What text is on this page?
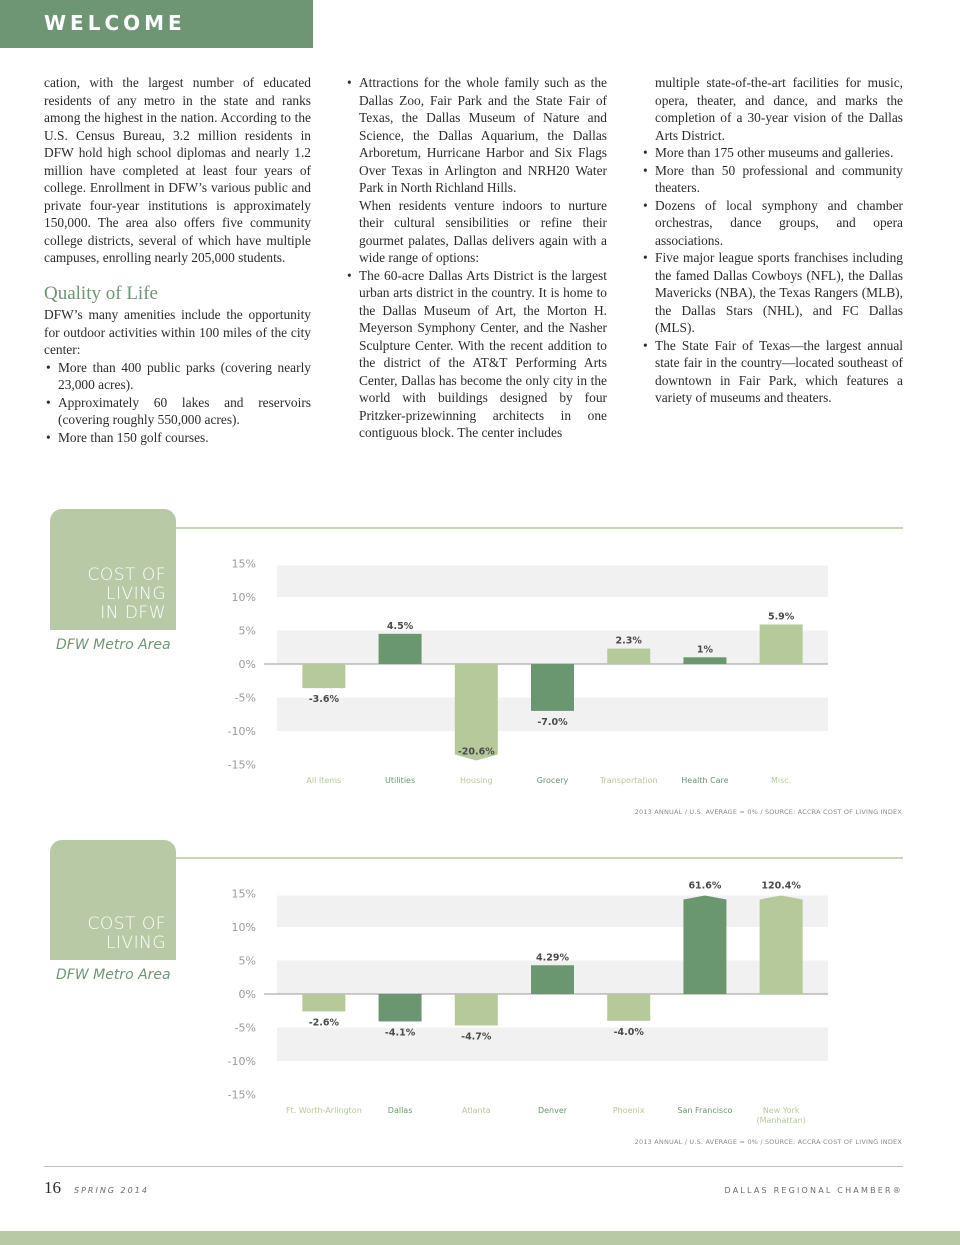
WELCOME

cation, with the largest number of educated residents of any metro in the state and ranks among the highest in the nation. According to the U.S. Census Bureau, 3.2 million residents in DFW hold high school diplomas and nearly 1.2 million have completed at least four years of college. Enrollment in DFW’s various public and private four-year institutions is approximately 150,000. The area also offers five community college districts, several of which have multiple campuses, enrolling nearly 205,000 students.

Quality of Life

DFW’s many amenities include the opportunity for outdoor activities within 100 miles of the city center:

• More than 400 public parks (covering nearly 23,000 acres).

• Approximately 60 lakes and reservoirs (covering roughly 550,000 acres).

• More than 150 golf courses.

• Attractions for the whole family such as the Dallas Zoo, Fair Park and the State Fair of Texas, the Dallas Museum of Nature and Science, the Dallas Aquarium, the Dallas Arboretum, Hurricane Harbor and Six Flags Over Texas in Arlington and NRH20 Water Park in North Richland Hills.

When residents venture indoors to nurture their cultural sensibilities or refine their gourmet palates, Dallas delivers again with a wide range of options:

• The 60-acre Dallas Arts District is the largest urban arts district in the country. It is home to the Dallas Museum of Art, the Morton H. Meyerson Symphony Center, and the Nasher Sculpture Center. With the recent addition to the district of the AT&T Performing Arts Center, Dallas has become the only city in the world with buildings designed by four Pritzker-prizewinning architects in one contiguous block. The center includes

multiple state-of-the-art facilities for music, opera, theater, and dance, and marks the completion of a 30-year vision of the Dallas Arts District.

• More than 175 other museums and galleries.

• More than 50 professional and community theaters.

• Dozens of local symphony and chamber orchestras, dance groups, and opera associations.

• Five major league sports franchises including the famed Dallas Cowboys (NFL), the Dallas Mavericks (NBA), the Texas Rangers (MLB), the Dallas Stars (NHL), and FC Dallas (MLS).

• The State Fair of Texas—the largest annual state fair in the country—located southeast of downtown in Fair Park, which features a variety of museums and theaters.

COST OF
LIVING
IN DFW
DFW Metro Area
15%
10%
5%
0%
-5%
-10%
-15%
-3.6%
All Items
4.5%
Utilities
-20.6%
Housing
-7.0%
Grocery
2.3%
Transportation
1%
Health Care
5.9%
Misc.
2013 ANNUAL / U.S. AVERAGE = 0% / SOURCE: ACCRA COST OF LIVING INDEX
COST OF
LIVING
DFW Metro Area
15%
10%
5%
0%
-5%
-10%
-15%
-2.6%
Ft. Worth-Arlington
-4.1%
Dallas
-4.7%
Atlanta
4.29%
Denver
-4.0%
Phoenix
61.6%
San Francisco
120.4%
New York
(Manhattan)
2013 ANNUAL / U.S. AVERAGE = 0% / SOURCE: ACCRA COST OF LIVING INDEX
16 SPRING 2014	DALLAS REGIONAL CHAMBER®
